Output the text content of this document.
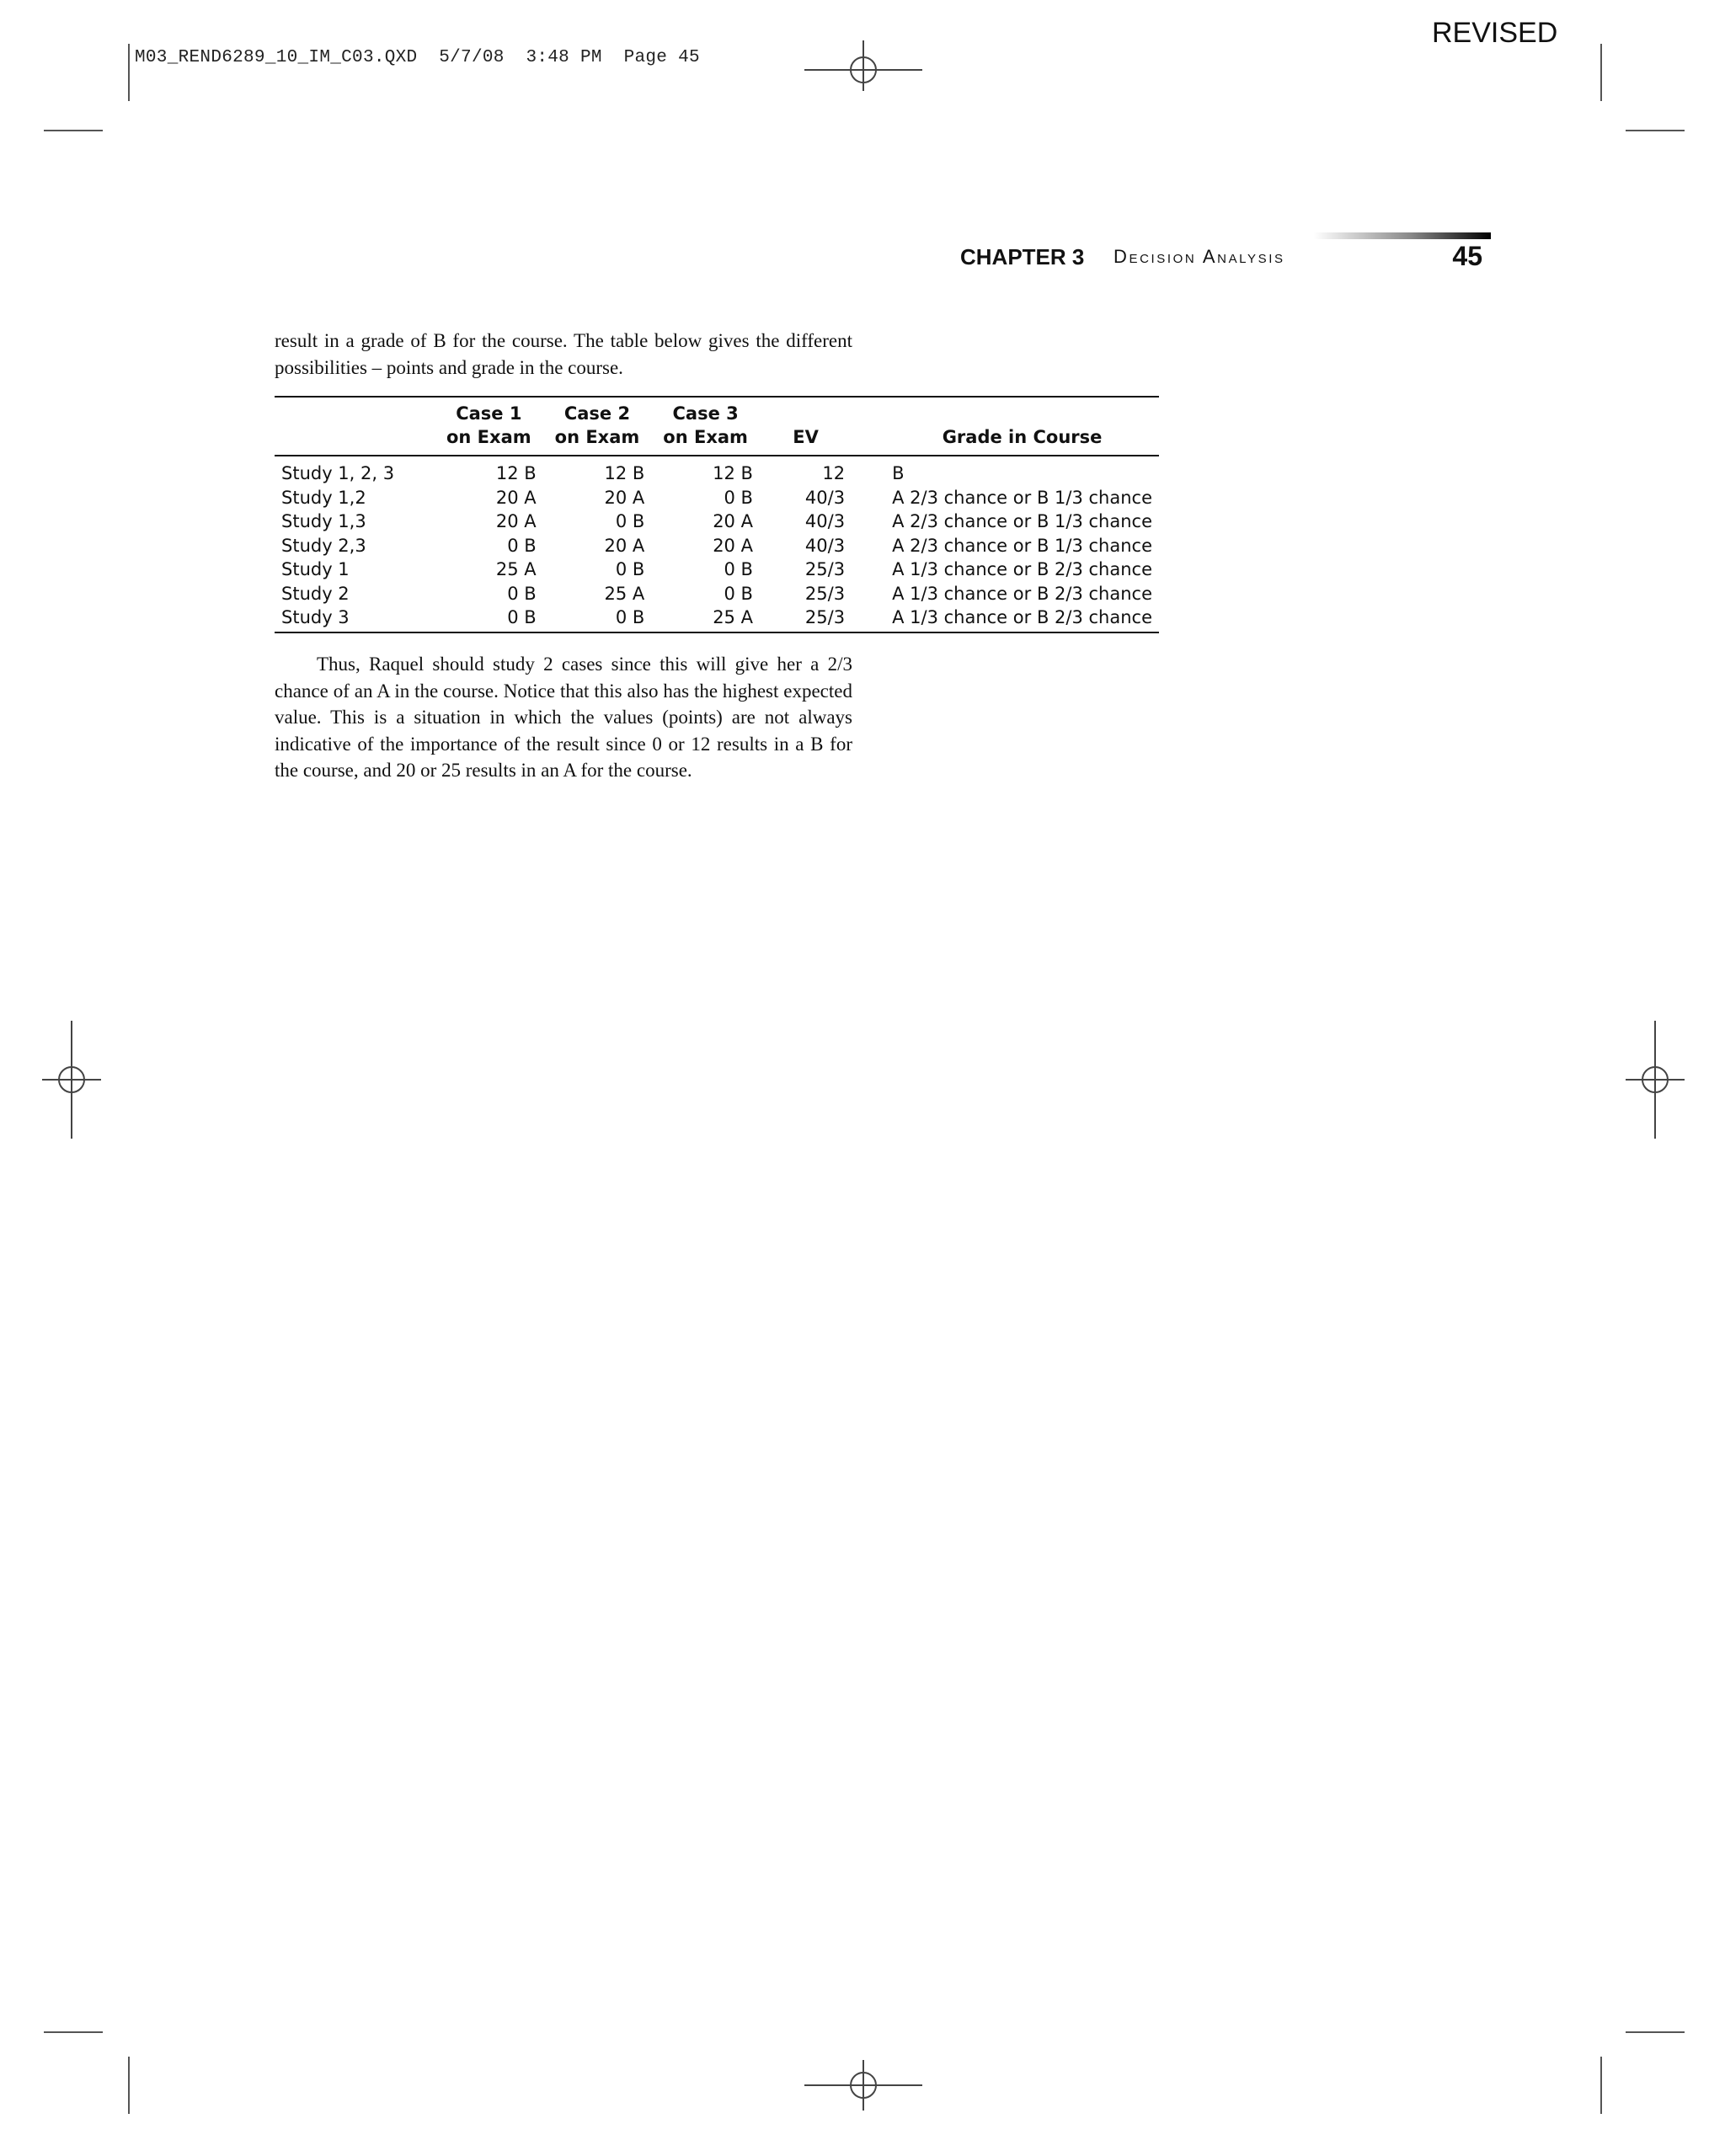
M03_REND6289_10_IM_C03.QXD  5/7/08  3:48 PM  Page 45
REVISED
CHAPTER 3 Decision Analysis	45

result in a grade of B for the course. The table below gives the different possibilities – points and grade in the course.

	Case 1
on Exam	Case 2
on Exam	Case 3
on Exam	EV	Grade in Course
Study 1, 2, 3	12 B	12 B	12 B	12	B
Study 1,2	20 A	20 A	0 B	40/3	A 2/3 chance or B 1/3 chance
Study 1,3	20 A	0 B	20 A	40/3	A 2/3 chance or B 1/3 chance
Study 2,3	0 B	20 A	20 A	40/3	A 2/3 chance or B 1/3 chance
Study 1	25 A	0 B	0 B	25/3	A 1/3 chance or B 2/3 chance
Study 2	0 B	25 A	0 B	25/3	A 1/3 chance or B 2/3 chance
Study 3	0 B	0 B	25 A	25/3	A 1/3 chance or B 2/3 chance

Thus, Raquel should study 2 cases since this will give her a 2/3 chance of an A in the course. Notice that this also has the highest expected value. This is a situation in which the values (points) are not always indicative of the importance of the result since 0 or 12 results in a B for the course, and 20 or 25 results in an A for the course.
